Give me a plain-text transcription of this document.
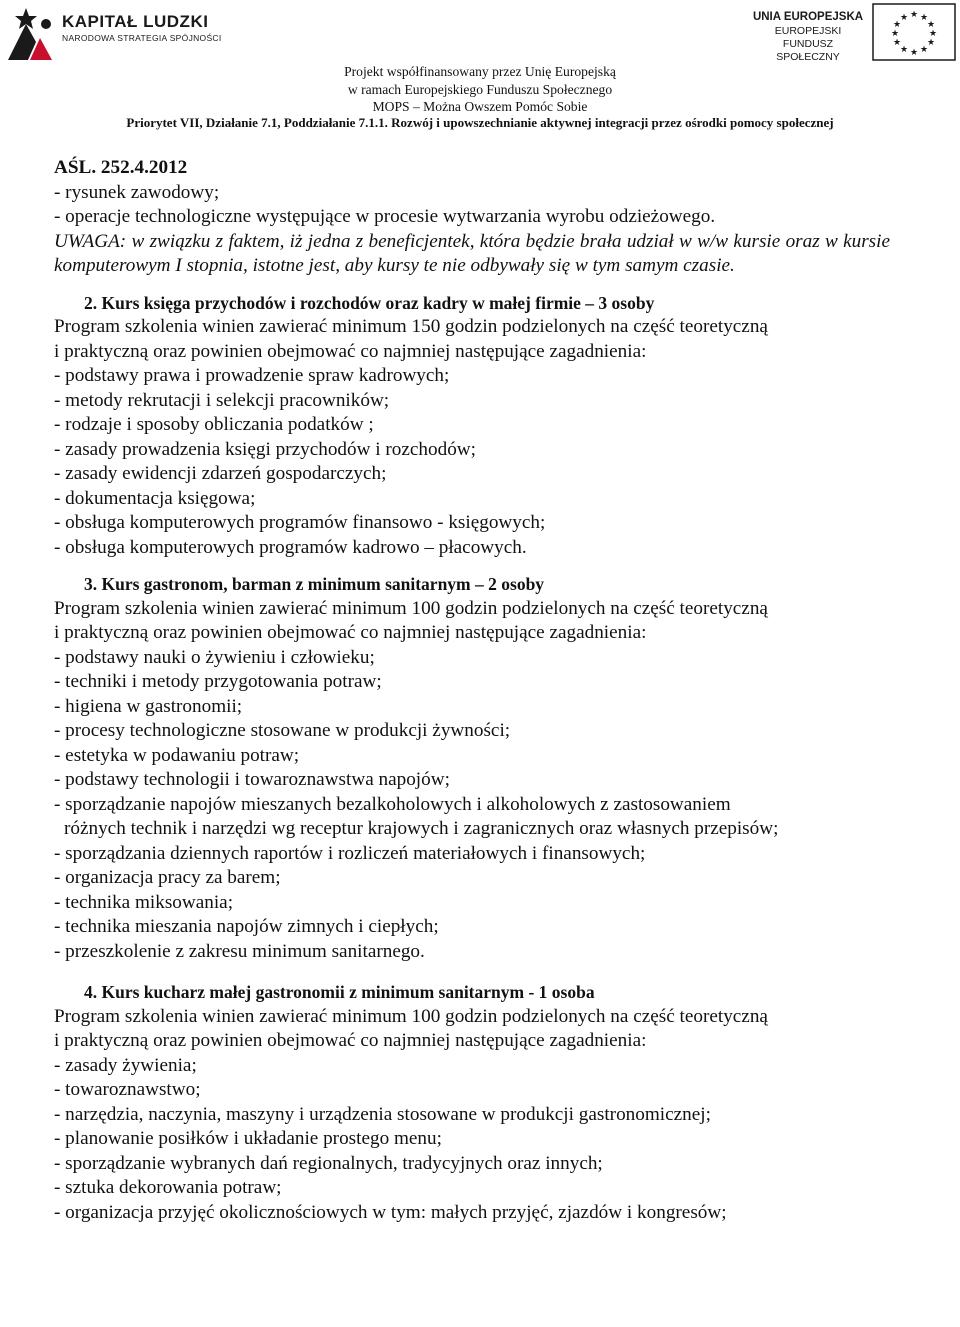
KAPITAŁ LUDZKI
NARODOWA STRATEGIA SPÓJNOŚCI
UNIA EUROPEJSKA
EUROPEJSKI
FUNDUSZ SPOŁECZNY
★ ★
★
★
★
★
★
★
★
★
★
★
Projekt współfinansowany przez Unię Europejską
w ramach Europejskiego Funduszu Społecznego
MOPS – Można Owszem Pomóc Sobie
Priorytet VII, Działanie 7.1, Poddziałanie 7.1.1. Rozwój i upowszechnianie aktywnej integracji przez ośrodki pomocy społecznej
AŚL. 252.4.2012
- rysunek zawodowy;
- operacje technologiczne występujące w procesie wytwarzania wyrobu odzieżowego.
UWAGA: w związku z faktem, iż jedna z beneficjentek, która będzie brała udział w w/w kursie oraz w kursie komputerowym I stopnia, istotne jest, aby kursy te nie odbywały się w tym samym czasie.
2. Kurs księga przychodów i rozchodów oraz kadry w małej firmie – 3 osoby
Program szkolenia winien zawierać minimum 150 godzin podzielonych na część teoretyczną
i praktyczną oraz powinien obejmować co najmniej następujące zagadnienia:
- podstawy prawa i prowadzenie spraw kadrowych;
- metody rekrutacji i selekcji pracowników;
- rodzaje i sposoby obliczania podatków ;
- zasady prowadzenia księgi przychodów i rozchodów;
- zasady ewidencji zdarzeń gospodarczych;
- dokumentacja księgowa;
- obsługa komputerowych programów finansowo - księgowych;
- obsługa komputerowych programów kadrowo – płacowych.
3. Kurs gastronom, barman z minimum sanitarnym – 2 osoby
Program szkolenia winien zawierać minimum 100 godzin podzielonych na część teoretyczną
i praktyczną oraz powinien obejmować co najmniej następujące zagadnienia:
- podstawy nauki o żywieniu i człowieku;
- techniki i metody przygotowania potraw;
- higiena w gastronomii;
- procesy technologiczne stosowane w produkcji żywności;
- estetyka w podawaniu potraw;
- podstawy technologii i towaroznawstwa napojów;
- sporządzanie napojów mieszanych bezalkoholowych i alkoholowych z zastosowaniem
różnych technik i narzędzi wg receptur krajowych i zagranicznych oraz własnych przepisów;
- sporządzania dziennych raportów i rozliczeń materiałowych i finansowych;
- organizacja pracy za barem;
- technika miksowania;
- technika mieszania napojów zimnych i ciepłych;
- przeszkolenie z zakresu minimum sanitarnego.
4. Kurs kucharz małej gastronomii z minimum sanitarnym - 1 osoba
Program szkolenia winien zawierać minimum 100 godzin podzielonych na część teoretyczną
i praktyczną oraz powinien obejmować co najmniej następujące zagadnienia:
- zasady żywienia;
- towaroznawstwo;
- narzędzia, naczynia, maszyny i urządzenia stosowane w produkcji gastronomicznej;
- planowanie posiłków i układanie prostego menu;
- sporządzanie wybranych dań regionalnych, tradycyjnych oraz innych;
- sztuka dekorowania potraw;
- organizacja przyjęć okolicznościowych w tym: małych przyjęć, zjazdów i kongresów;
